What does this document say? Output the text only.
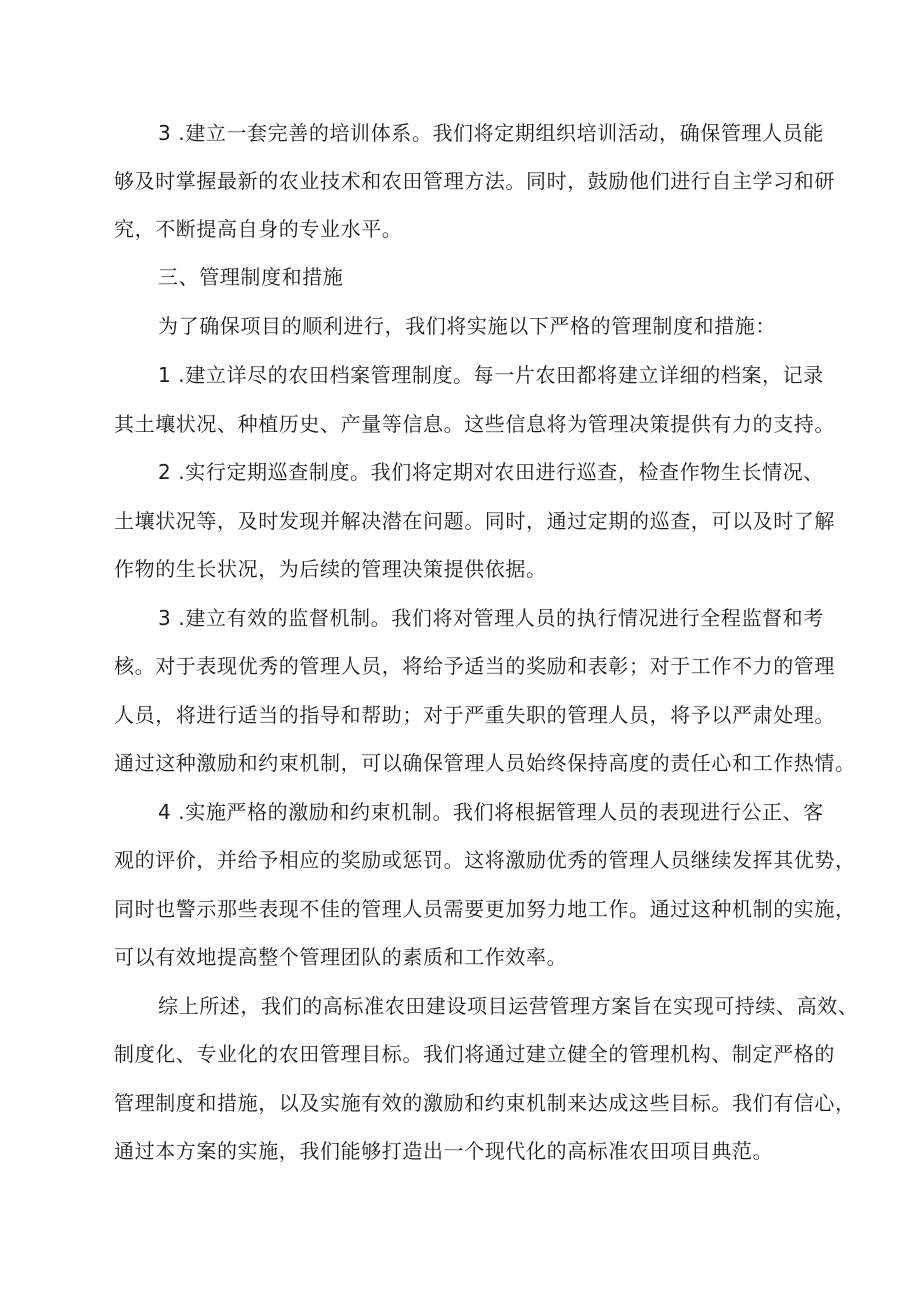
3 .建立一套完善的培训体系。我们将定期组织培训活动，确保管理人员能
够及时掌握最新的农业技术和农田管理方法。同时，鼓励他们进行自主学习和研
究，不断提高自身的专业水平。
三、管理制度和措施
为了确保项目的顺利进行，我们将实施以下严格的管理制度和措施：
1 .建立详尽的农田档案管理制度。每一片农田都将建立详细的档案，记录
其土壤状况、种植历史、产量等信息。这些信息将为管理决策提供有力的支持。
2 .实行定期巡查制度。我们将定期对农田进行巡查，检查作物生长情况、
土壤状况等，及时发现并解决潜在问题。同时，通过定期的巡查，可以及时了解
作物的生长状况，为后续的管理决策提供依据。
3 .建立有效的监督机制。我们将对管理人员的执行情况进行全程监督和考
核。对于表现优秀的管理人员，将给予适当的奖励和表彰；对于工作不力的管理
人员，将进行适当的指导和帮助；对于严重失职的管理人员，将予以严肃处理。
通过这种激励和约束机制，可以确保管理人员始终保持高度的责任心和工作热情。
4 .实施严格的激励和约束机制。我们将根据管理人员的表现进行公正、客
观的评价，并给予相应的奖励或惩罚。这将激励优秀的管理人员继续发挥其优势，
同时也警示那些表现不佳的管理人员需要更加努力地工作。通过这种机制的实施，
可以有效地提高整个管理团队的素质和工作效率。
综上所述，我们的高标准农田建设项目运营管理方案旨在实现可持续、高效、
制度化、专业化的农田管理目标。我们将通过建立健全的管理机构、制定严格的
管理制度和措施，以及实施有效的激励和约束机制来达成这些目标。我们有信心，
通过本方案的实施，我们能够打造出一个现代化的高标准农田项目典范。
